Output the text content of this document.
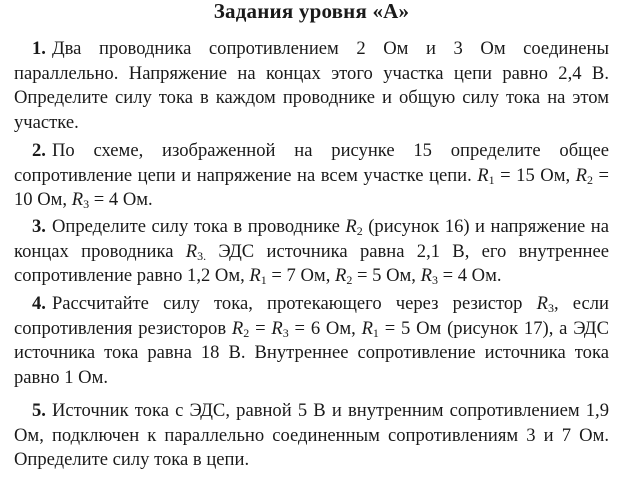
Задания уровня «А»

1. Два проводника сопротивлением 2 Ом и 3 Ом соединены параллельно. Напряжение на концах этого участка цепи равно 2,4 В. Определите силу тока в каждом проводнике и общую силу тока на этом участке.

2. По схеме, изображенной на рисунке 15 определите общее сопротивление цепи и напряжение на всем участке цепи. $R_1 = 15$ Ом, $R_2 = 10$ Ом, $R_3 = 4$ Ом.

3. Определите силу тока в проводнике $R_2$ (рисунок 16) и напряжение на концах проводника $R_{3.}$ ЭДС источника равна 2,1 В, его внутреннее сопротивление равно 1,2 Ом, $R_1 = 7$ Ом, $R_2 = 5$ Ом, $R_3 = 4$ Ом.

4. Рассчитайте силу тока, протекающего через резистор $R_3$, если сопротивления резисторов $R_2 = R_3 = 6$ Ом, $R_1 = 5$ Ом (рисунок 17), а ЭДС источника тока равна 18 В. Внутреннее сопротивление источника тока равно 1 Ом.

5. Источник тока с ЭДС, равной 5 В и внутренним сопротивлением 1,9 Ом, подключен к параллельно соединенным сопротивлениям 3 и 7 Ом. Определите силу тока в цепи.
